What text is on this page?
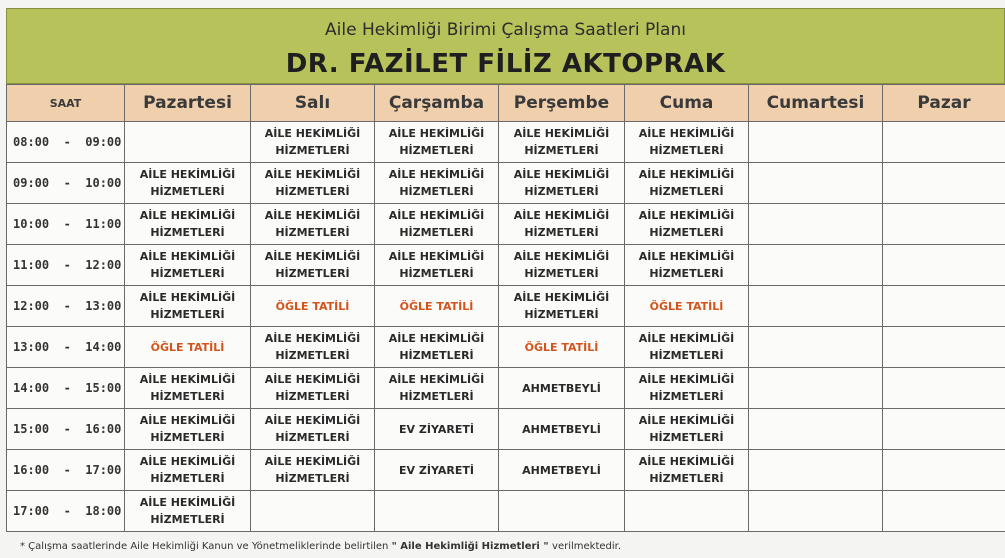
Aile Hekimliği Birimi Çalışma Saatleri Planı
DR. FAZİLET FİLİZ AKTOPRAK
SAAT	Pazartesi	Salı	Çarşamba	Perşembe	Cuma	Cumartesi	Pazar
08:00  -  09:00		AİLE HEKİMLİĞİ
HİZMETLERİ	AİLE HEKİMLİĞİ
HİZMETLERİ	AİLE HEKİMLİĞİ
HİZMETLERİ	AİLE HEKİMLİĞİ
HİZMETLERİ		
09:00  -  10:00	AİLE HEKİMLİĞİ
HİZMETLERİ	AİLE HEKİMLİĞİ
HİZMETLERİ	AİLE HEKİMLİĞİ
HİZMETLERİ	AİLE HEKİMLİĞİ
HİZMETLERİ	AİLE HEKİMLİĞİ
HİZMETLERİ		
10:00  -  11:00	AİLE HEKİMLİĞİ
HİZMETLERİ	AİLE HEKİMLİĞİ
HİZMETLERİ	AİLE HEKİMLİĞİ
HİZMETLERİ	AİLE HEKİMLİĞİ
HİZMETLERİ	AİLE HEKİMLİĞİ
HİZMETLERİ		
11:00  -  12:00	AİLE HEKİMLİĞİ
HİZMETLERİ	AİLE HEKİMLİĞİ
HİZMETLERİ	AİLE HEKİMLİĞİ
HİZMETLERİ	AİLE HEKİMLİĞİ
HİZMETLERİ	AİLE HEKİMLİĞİ
HİZMETLERİ		
12:00  -  13:00	AİLE HEKİMLİĞİ
HİZMETLERİ	ÖĞLE TATİLİ	ÖĞLE TATİLİ	AİLE HEKİMLİĞİ
HİZMETLERİ	ÖĞLE TATİLİ		
13:00  -  14:00	ÖĞLE TATİLİ	AİLE HEKİMLİĞİ
HİZMETLERİ	AİLE HEKİMLİĞİ
HİZMETLERİ	ÖĞLE TATİLİ	AİLE HEKİMLİĞİ
HİZMETLERİ		
14:00  -  15:00	AİLE HEKİMLİĞİ
HİZMETLERİ	AİLE HEKİMLİĞİ
HİZMETLERİ	AİLE HEKİMLİĞİ
HİZMETLERİ	AHMETBEYLİ	AİLE HEKİMLİĞİ
HİZMETLERİ		
15:00  -  16:00	AİLE HEKİMLİĞİ
HİZMETLERİ	AİLE HEKİMLİĞİ
HİZMETLERİ	EV ZİYARETİ	AHMETBEYLİ	AİLE HEKİMLİĞİ
HİZMETLERİ		
16:00  -  17:00	AİLE HEKİMLİĞİ
HİZMETLERİ	AİLE HEKİMLİĞİ
HİZMETLERİ	EV ZİYARETİ	AHMETBEYLİ	AİLE HEKİMLİĞİ
HİZMETLERİ		
17:00  -  18:00	AİLE HEKİMLİĞİ
HİZMETLERİ						
* Çalışma saatlerinde Aile Hekimliği Kanun ve Yönetmeliklerinde belirtilen " Aile Hekimliği Hizmetleri " verilmektedir.
